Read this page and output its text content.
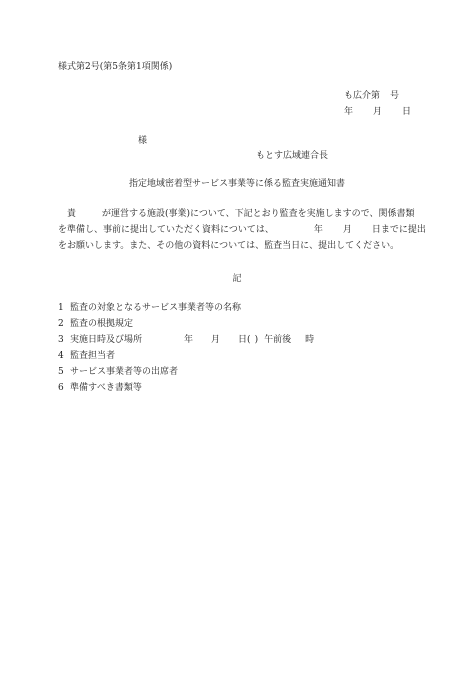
様式第2号(第5条第1項関係)
も広介第 号
年 月 日
様
もとす広域連合長
指定地域密着型サービス事業等に係る監査実施通知書
貴	が運営する施設(事業)について、下記とおり監査を実施しますので、関係書類
を準備し、事前に提出していただく資料については、	年 月 日までに提出
をお願いします。また、その他の資料については、監査当日に、提出してください。
記
1 監査の対象となるサービス事業者等の名称
2 監査の根拠規定
3 実施日時及び場所	年 月 日( ) 午前後 時
4 監査担当者
5 サービス事業者等の出席者
6 準備すべき書類等
